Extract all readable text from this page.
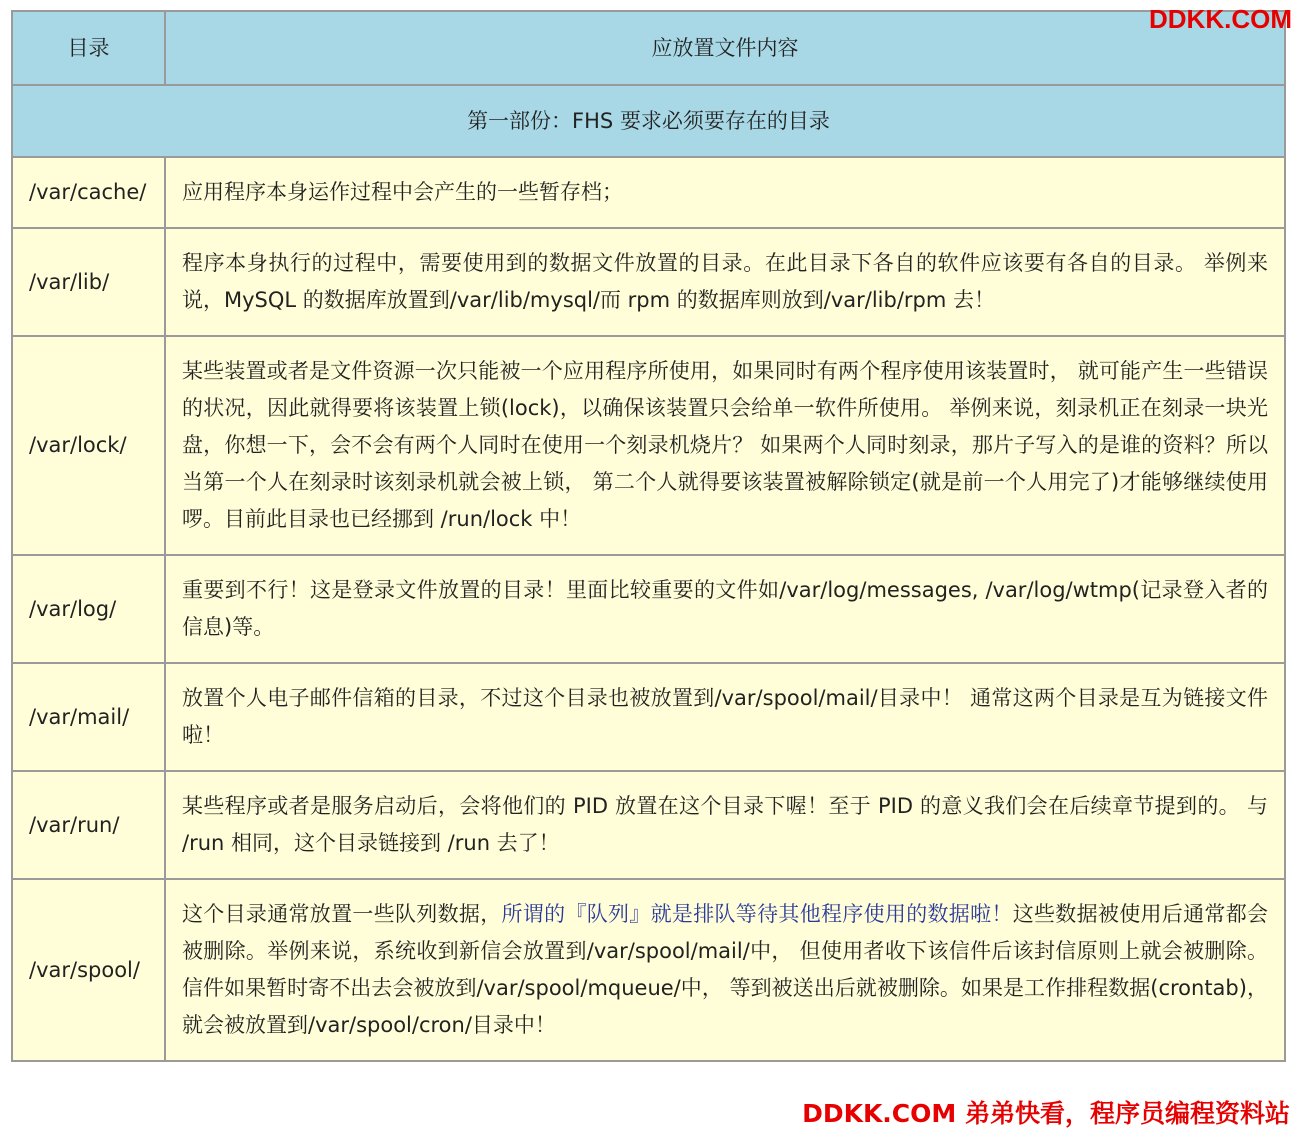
DDKK.COM
目录	应放置文件内容
第一部份：FHS 要求必须要存在的目录	
/var/cache/	应用程序本身运作过程中会产生的一些暂存档；
/var/lib/	程序本身执行的过程中，需要使用到的数据文件放置的目录。在此目录下各自的软件应该要有各自的目录。 举例来说，MySQL 的数据库放置到/var/lib/mysql/而 rpm 的数据库则放到/var/lib/rpm 去！
/var/lock/	某些装置或者是文件资源一次只能被一个应用程序所使用，如果同时有两个程序使用该装置时， 就可能产生一些错误的状况，因此就得要将该装置上锁(lock)，以确保该装置只会给单一软件所使用。 举例来说，刻录机正在刻录一块光盘，你想一下，会不会有两个人同时在使用一个刻录机烧片？ 如果两个人同时刻录，那片子写入的是谁的资料？所以当第一个人在刻录时该刻录机就会被上锁， 第二个人就得要该装置被解除锁定(就是前一个人用完了)才能够继续使用啰。目前此目录也已经挪到 /run/lock 中！
/var/log/	重要到不行！这是登录文件放置的目录！里面比较重要的文件如/var/log/messages, /var/log/wtmp(记录登入者的信息)等。
/var/mail/	放置个人电子邮件信箱的目录，不过这个目录也被放置到/var/spool/mail/目录中！ 通常这两个目录是互为链接文件啦！
/var/run/	某些程序或者是服务启动后，会将他们的 PID 放置在这个目录下喔！至于 PID 的意义我们会在后续章节提到的。 与 /run 相同，这个目录链接到 /run 去了！
/var/spool/	这个目录通常放置一些队列数据，所谓的『队列』就是排队等待其他程序使用的数据啦！这些数据被使用后通常都会被删除。举例来说，系统收到新信会放置到/var/spool/mail/中， 但使用者收下该信件后该封信原则上就会被删除。信件如果暂时寄不出去会被放到/var/spool/mqueue/中， 等到被送出后就被删除。如果是工作排程数据(crontab)，就会被放置到/var/spool/cron/目录中！
DDKK.COM 弟弟快看，程序员编程资料站
